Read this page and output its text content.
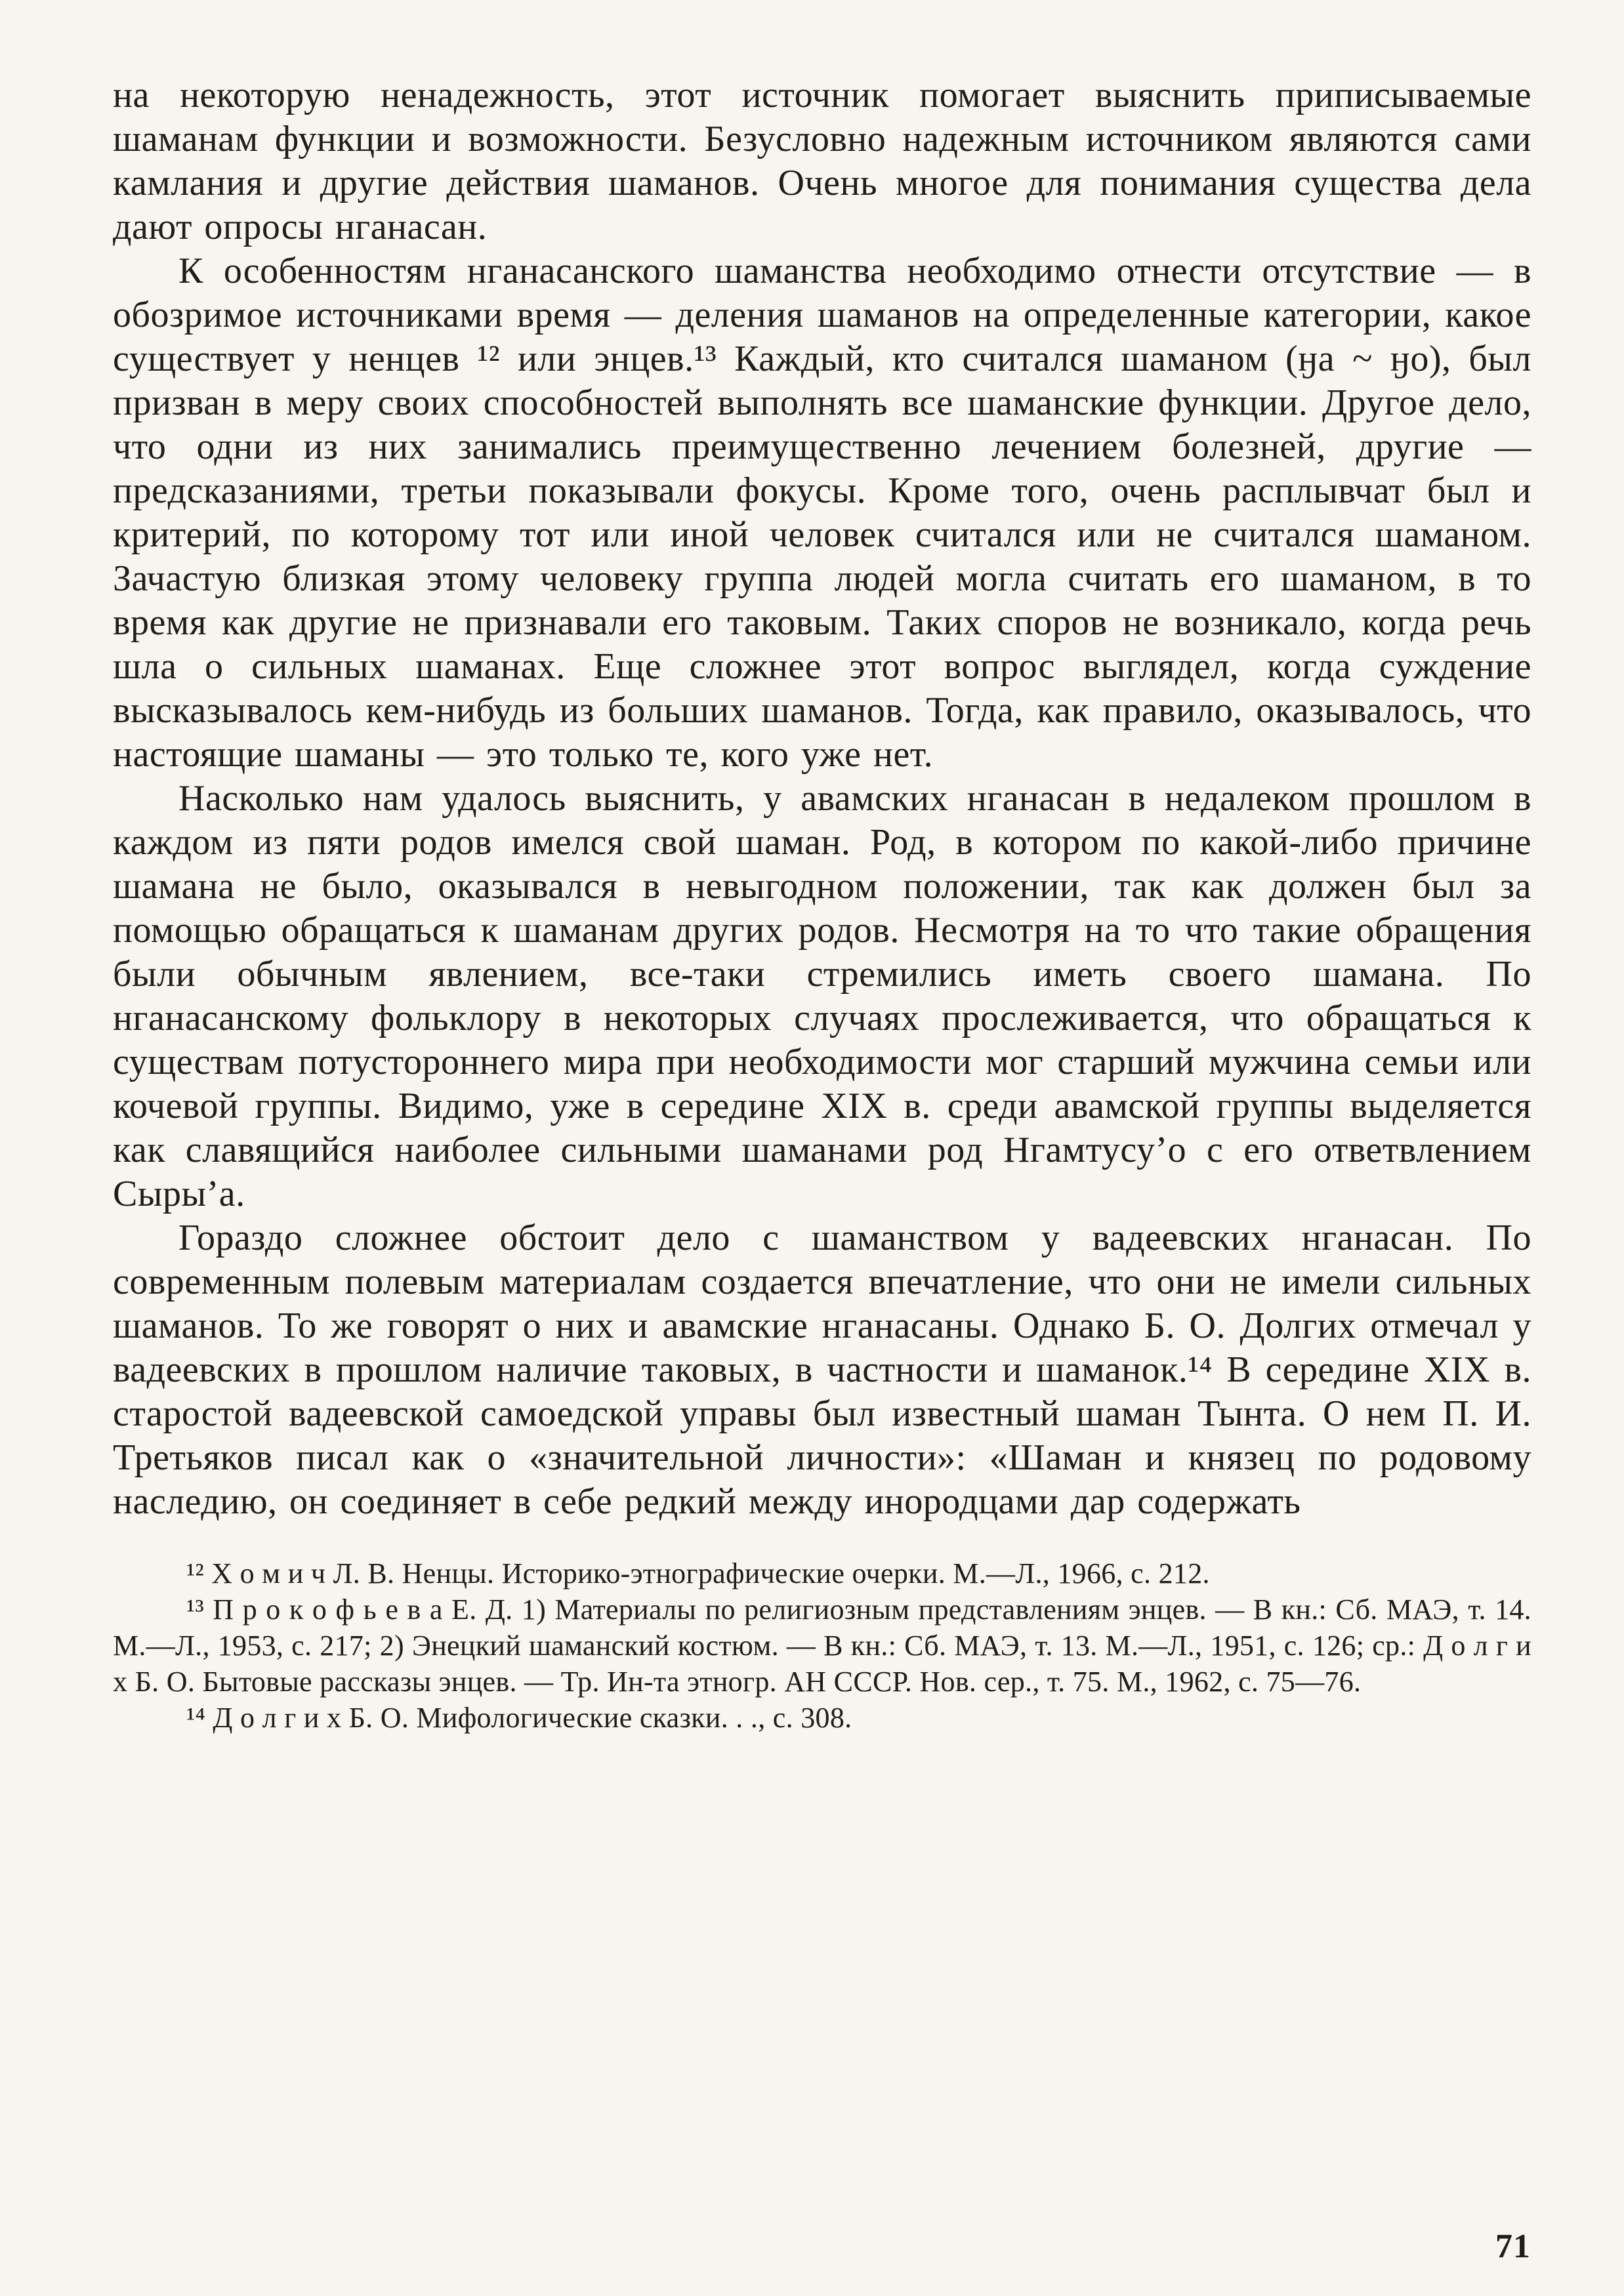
на некоторую ненадежность, этот источник помогает выяснить приписываемые шаманам функции и возможности. Безусловно надежным источником являются сами камлания и другие действия шаманов. Очень многое для понимания существа дела дают опросы нганасан.

К особенностям нганасанского шаманства необходимо отнести отсутствие — в обозримое источниками время — деления шаманов на определенные категории, какое существует у ненцев ¹² или энцев.¹³ Каждый, кто считался шаманом (ӈа ~ ӈо), был призван в меру своих способностей выполнять все шаманские функции. Другое дело, что одни из них занимались преимущественно лечением болезней, другие — предсказаниями, третьи показывали фокусы. Кроме того, очень расплывчат был и критерий, по которому тот или иной человек считался или не считался шаманом. Зачастую близкая этому человеку группа людей могла считать его шаманом, в то время как другие не признавали его таковым. Таких споров не возникало, когда речь шла о сильных шаманах. Еще сложнее этот вопрос выглядел, когда суждение высказывалось кем-нибудь из больших шаманов. Тогда, как правило, оказывалось, что настоящие шаманы — это только те, кого уже нет.

Насколько нам удалось выяснить, у авамских нганасан в недалеком прошлом в каждом из пяти родов имелся свой шаман. Род, в котором по какой-либо причине шамана не было, оказывался в невыгодном положении, так как должен был за помощью обращаться к шаманам других родов. Несмотря на то что такие обращения были обычным явлением, все-таки стремились иметь своего шамана. По нганасанскому фольклору в некоторых случаях прослеживается, что обращаться к существам потустороннего мира при необходимости мог старший мужчина семьи или кочевой группы. Видимо, уже в середине XIX в. среди авамской группы выделяется как славящийся наиболее сильными шаманами род Нгамтусу’о с его ответвлением Сыры’а.

Гораздо сложнее обстоит дело с шаманством у вадеевских нганасан. По современным полевым материалам создается впечатление, что они не имели сильных шаманов. То же говорят о них и авамские нганасаны. Однако Б. О. Долгих отмечал у вадеевских в прошлом наличие таковых, в частности и шаманок.¹⁴ В середине XIX в. старостой вадеевской самоедской управы был известный шаман Тынта. О нем П. И. Третьяков писал как о «значительной личности»: «Шаман и князец по родовому наследию, он соединяет в себе редкий между инородцами дар содержать

¹² Х о м и ч Л. В. Ненцы. Историко-этнографические очерки. М.—Л., 1966, с. 212.

¹³ П р о к о ф ь е в а Е. Д. 1) Материалы по религиозным представлениям энцев. — В кн.: Сб. МАЭ, т. 14. М.—Л., 1953, с. 217; 2) Энецкий шаманский костюм. — В кн.: Сб. МАЭ, т. 13. М.—Л., 1951, с. 126; ср.: Д о л г и х Б. О. Бытовые рассказы энцев. — Тр. Ин-та этногр. АН СССР. Нов. сер., т. 75. М., 1962, с. 75—76.

¹⁴ Д о л г и х Б. О. Мифологические сказки. . ., с. 308.

71
